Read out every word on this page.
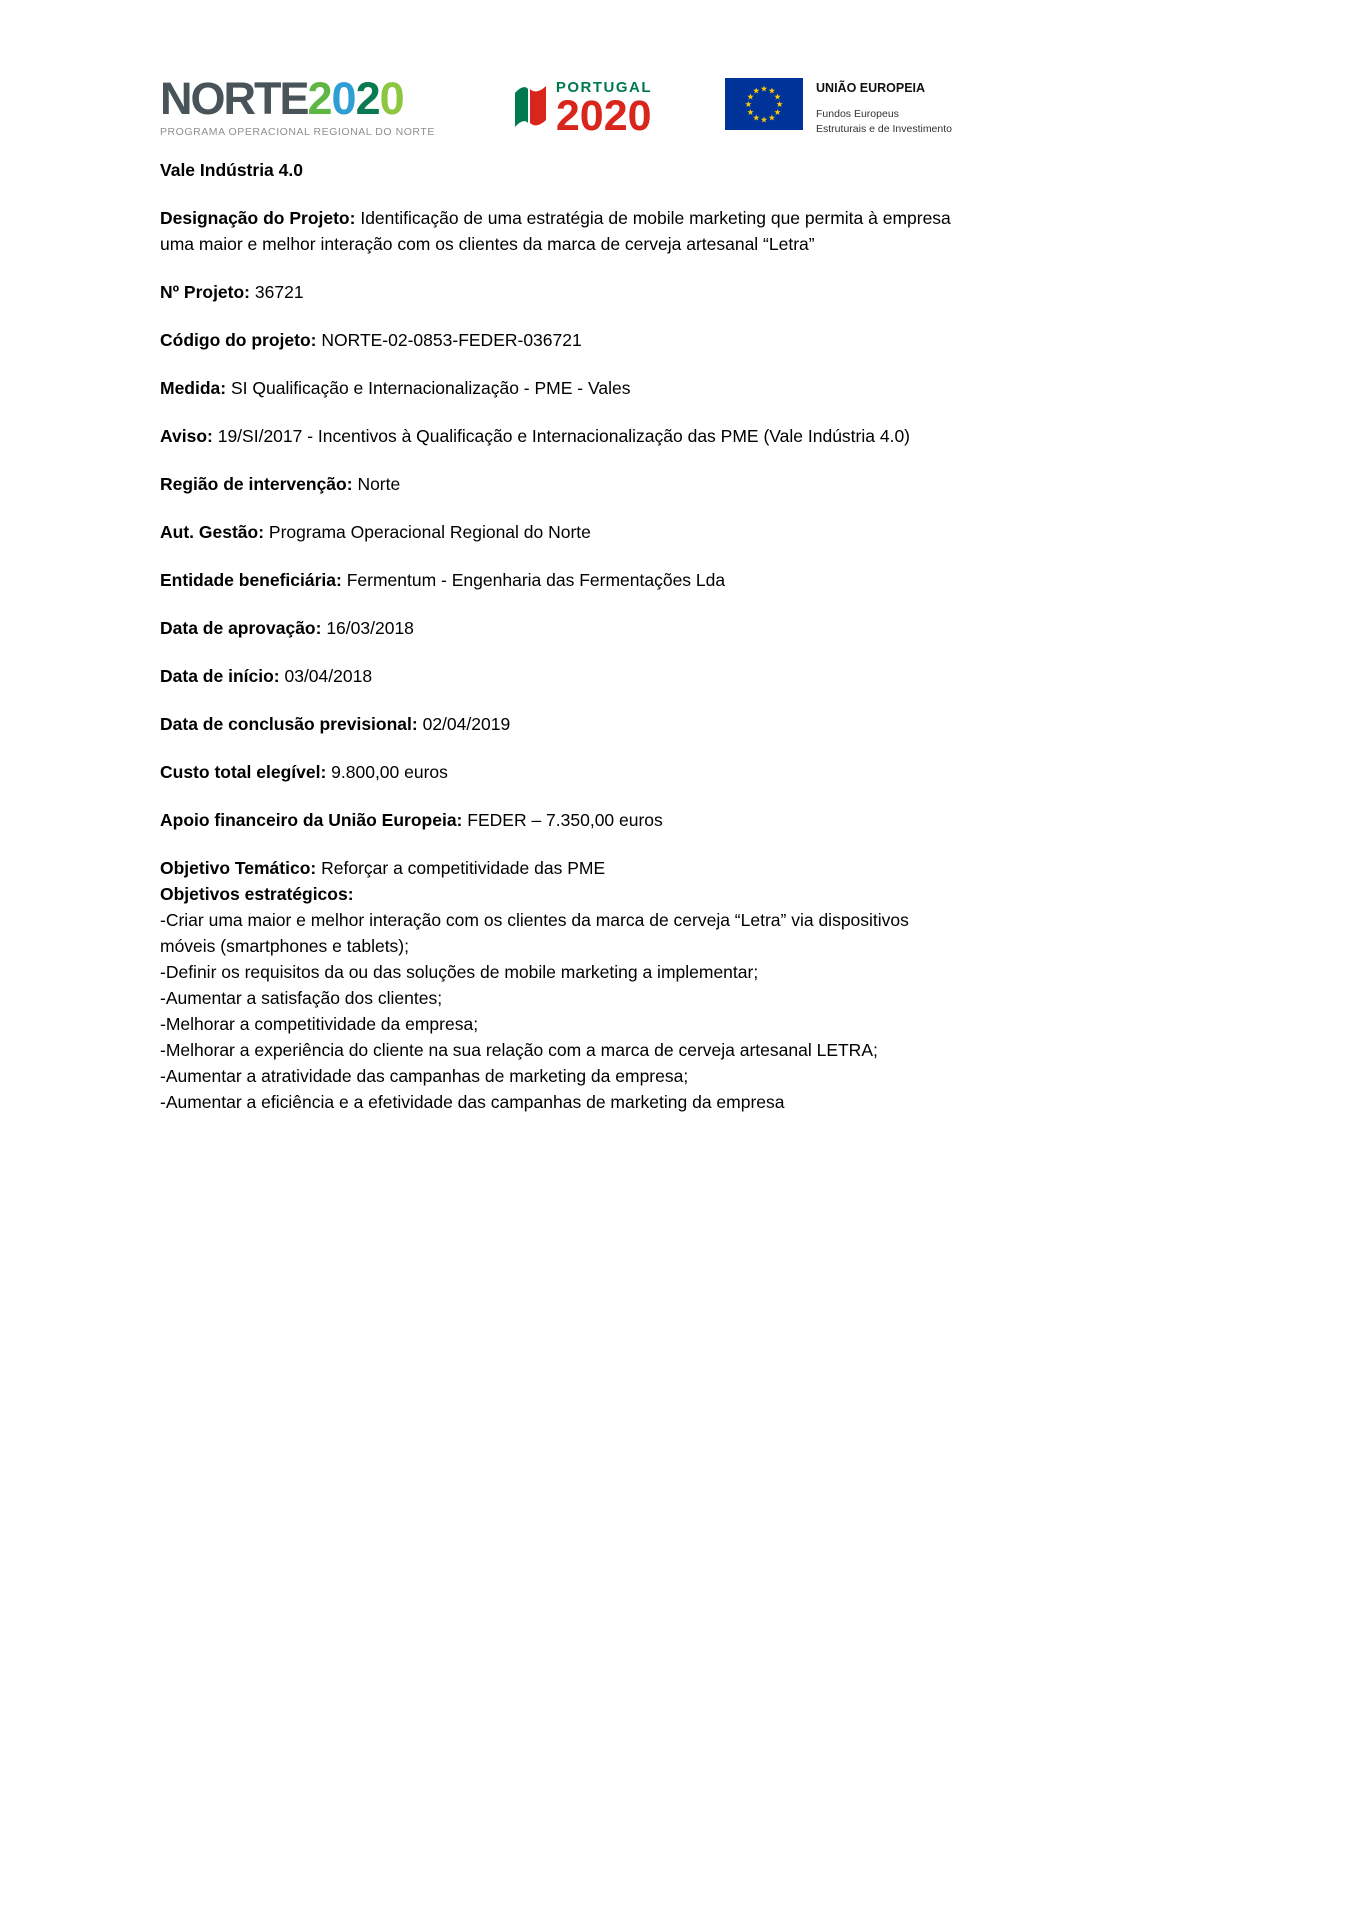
NORTE 2020
PROGRAMA OPERACIONAL REGIONAL DO NORTE
PORTUGAL
2020
★ ★
★
★
★
★
★
★
★
★
★
★	UNIÃO EUROPEIA
Fundos Europeus
Estruturais e de Investimento
Vale Indústria 4.0

Designação do Projeto: Identificação de uma estratégia de mobile marketing que permita à empresa uma maior e melhor interação com os clientes da marca de cerveja artesanal “Letra”

Nº Projeto: 36721

Código do projeto: NORTE-02-0853-FEDER-036721

Medida: SI Qualificação e Internacionalização - PME - Vales

Aviso: 19/SI/2017 - Incentivos à Qualificação e Internacionalização das PME (Vale Indústria 4.0)

Região de intervenção: Norte

Aut. Gestão: Programa Operacional Regional do Norte

Entidade beneficiária: Fermentum - Engenharia das Fermentações Lda

Data de aprovação: 16/03/2018

Data de início: 03/04/2018

Data de conclusão previsional: 02/04/2019

Custo total elegível: 9.800,00 euros

Apoio financeiro da União Europeia: FEDER – 7.350,00 euros

Objetivo Temático: Reforçar a competitividade das PME

Objetivos estratégicos:

-Criar uma maior e melhor interação com os clientes da marca de cerveja “Letra” via dispositivos móveis (smartphones e tablets);

-Definir os requisitos da ou das soluções de mobile marketing a implementar;

-Aumentar a satisfação dos clientes;

-Melhorar a competitividade da empresa;

-Melhorar a experiência do cliente na sua relação com a marca de cerveja artesanal LETRA;

-Aumentar a atratividade das campanhas de marketing da empresa;

-Aumentar a eficiência e a efetividade das campanhas de marketing da empresa
